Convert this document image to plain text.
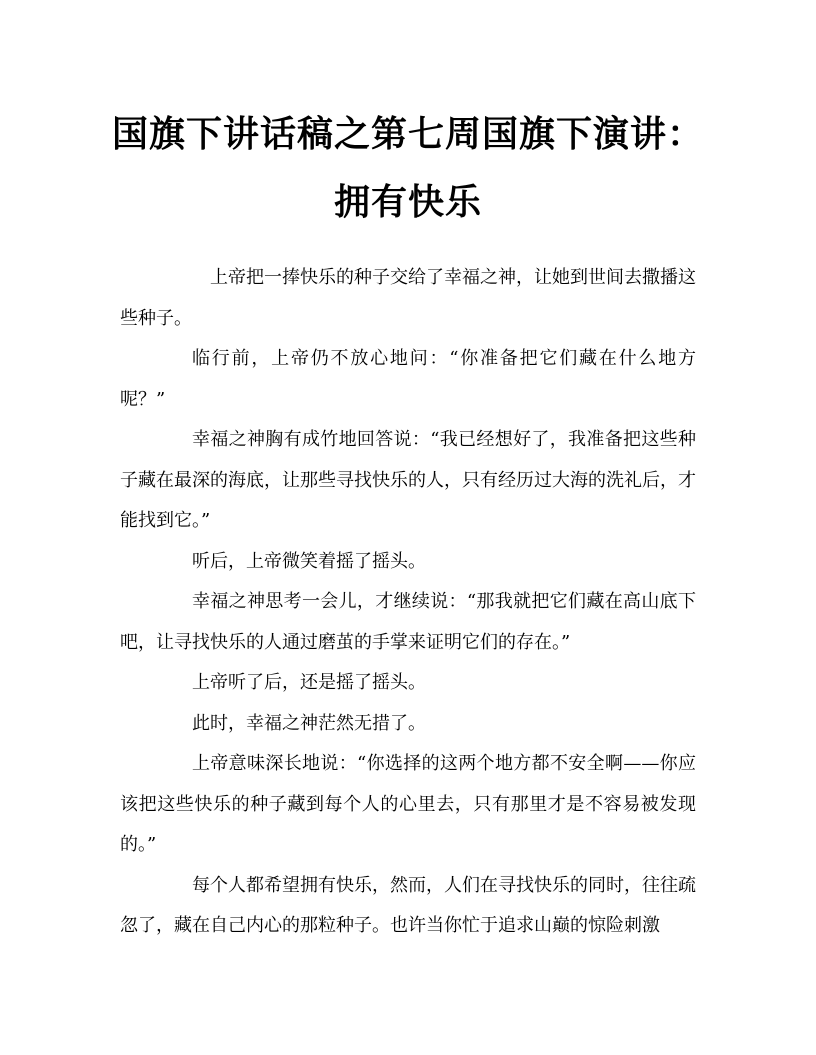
国旗下讲话稿之第七周国旗下演讲：拥有快乐

上帝把一捧快乐的种子交给了幸福之神，让她到世间去撒播这些种子。

临行前，上帝仍不放心地问：“你准备把它们藏在什么地方呢？”

幸福之神胸有成竹地回答说：“我已经想好了，我准备把这些种子藏在最深的海底，让那些寻找快乐的人，只有经历过大海的洗礼后，才能找到它。”

听后，上帝微笑着摇了摇头。

幸福之神思考一会儿，才继续说：“那我就把它们藏在高山底下吧，让寻找快乐的人通过磨茧的手掌来证明它们的存在。”

上帝听了后，还是摇了摇头。

此时，幸福之神茫然无措了。

上帝意味深长地说：“你选择的这两个地方都不安全啊——你应该把这些快乐的种子藏到每个人的心里去，只有那里才是不容易被发现的。”

每个人都希望拥有快乐，然而，人们在寻找快乐的同时，往往疏忽了，藏在自己内心的那粒种子。也许当你忙于追求山巅的惊险刺激
